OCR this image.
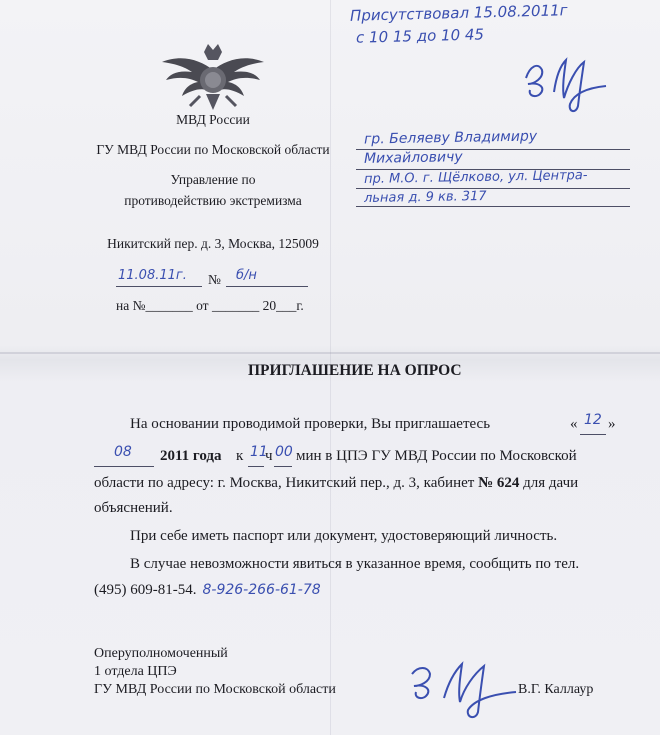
МВД России
ГУ МВД России по Московской области
Управление по
противодействию экстремизма
Никитский пер. д. 3, Москва, 125009
11.08.11г. № б/н
на №_______ от _______ 20___г.
Присутствовал 15.08.2011г
с 10 15 до 10 45
гр. Беляеву Владимиру
Михайловичу
пр. М.О. г. Щёлково, ул. Центра-
льная д. 9 кв. 317
ПРИГЛАШЕНИЕ НА ОПРОС
На основании проводимой проверки, Вы приглашаетесь	« 12 »
08 2011 года к 11
ч 00 мин в ЦПЭ ГУ МВД России по Московской
области по адресу: г. Москва, Никитский пер., д. 3, кабинет № 624 для дачи
объяснений.
При себе иметь паспорт или документ, удостоверяющий личность.
В случае невозможности явиться в указанное время, сообщить по тел.
(495) 609-81-54. 8-926-266-61-78
Оперуполномоченный
1 отдела ЦПЭ
ГУ МВД России по Московской области	В.Г. Каллаур
